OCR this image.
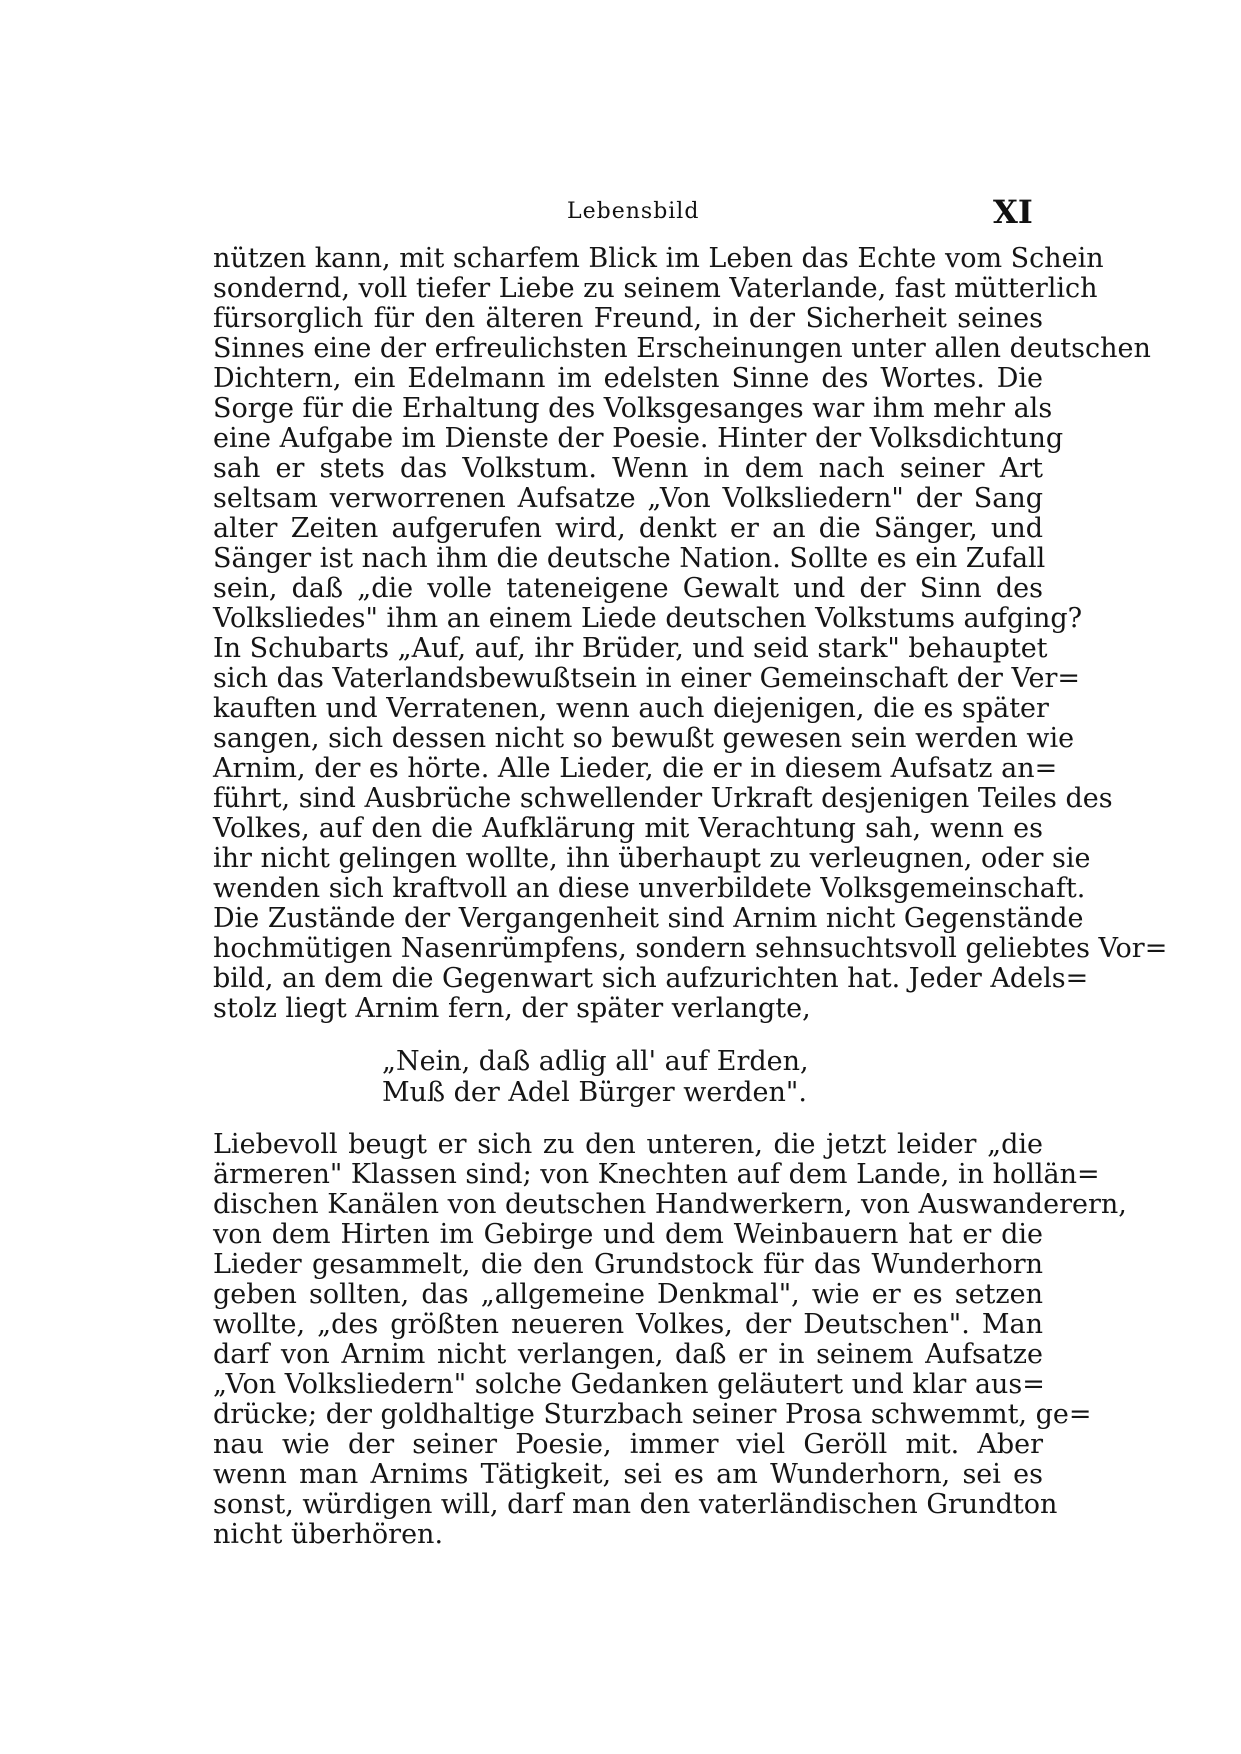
Lebensbild	XI
nützen kann, mit scharfem Blick im Leben das Echte vom Schein
sondernd, voll tiefer Liebe zu seinem Vaterlande, fast mütterlich
fürsorglich für den älteren Freund, in der Sicherheit seines
Sinnes eine der erfreulichsten Erscheinungen unter allen deutschen
Dichtern, ein Edelmann im edelsten Sinne des Wortes. Die
Sorge für die Erhaltung des Volksgesanges war ihm mehr als
eine Aufgabe im Dienste der Poesie. Hinter der Volksdichtung
sah er stets das Volkstum. Wenn in dem nach seiner Art
seltsam verworrenen Aufsatze „Von Volksliedern" der Sang
alter Zeiten aufgerufen wird, denkt er an die Sänger, und
Sänger ist nach ihm die deutsche Nation. Sollte es ein Zufall
sein, daß „die volle tateneigene Gewalt und der Sinn des
Volksliedes" ihm an einem Liede deutschen Volkstums aufging?
In Schubarts „Auf, auf, ihr Brüder, und seid stark" behauptet
sich das Vaterlandsbewußtsein in einer Gemeinschaft der Ver=
kauften und Verratenen, wenn auch diejenigen, die es später
sangen, sich dessen nicht so bewußt gewesen sein werden wie
Arnim, der es hörte. Alle Lieder, die er in diesem Aufsatz an=
führt, sind Ausbrüche schwellender Urkraft desjenigen Teiles des
Volkes, auf den die Aufklärung mit Verachtung sah, wenn es
ihr nicht gelingen wollte, ihn überhaupt zu verleugnen, oder sie
wenden sich kraftvoll an diese unverbildete Volksgemeinschaft.
Die Zustände der Vergangenheit sind Arnim nicht Gegenstände
hochmütigen Nasenrümpfens, sondern sehnsuchtsvoll geliebtes Vor=
bild, an dem die Gegenwart sich aufzurichten hat. Jeder Adels=
stolz liegt Arnim fern, der später verlangte,
„Nein, daß adlig all' auf Erden,
Muß der Adel Bürger werden".
Liebevoll beugt er sich zu den unteren, die jetzt leider „die
ärmeren" Klassen sind; von Knechten auf dem Lande, in hollän=
dischen Kanälen von deutschen Handwerkern, von Auswanderern,
von dem Hirten im Gebirge und dem Weinbauern hat er die
Lieder gesammelt, die den Grundstock für das Wunderhorn
geben sollten, das „allgemeine Denkmal", wie er es setzen
wollte, „des größten neueren Volkes, der Deutschen". Man
darf von Arnim nicht verlangen, daß er in seinem Aufsatze
„Von Volksliedern" solche Gedanken geläutert und klar aus=
drücke; der goldhaltige Sturzbach seiner Prosa schwemmt, ge=
nau wie der seiner Poesie, immer viel Geröll mit. Aber
wenn man Arnims Tätigkeit, sei es am Wunderhorn, sei es
sonst, würdigen will, darf man den vaterländischen Grundton
nicht überhören.
